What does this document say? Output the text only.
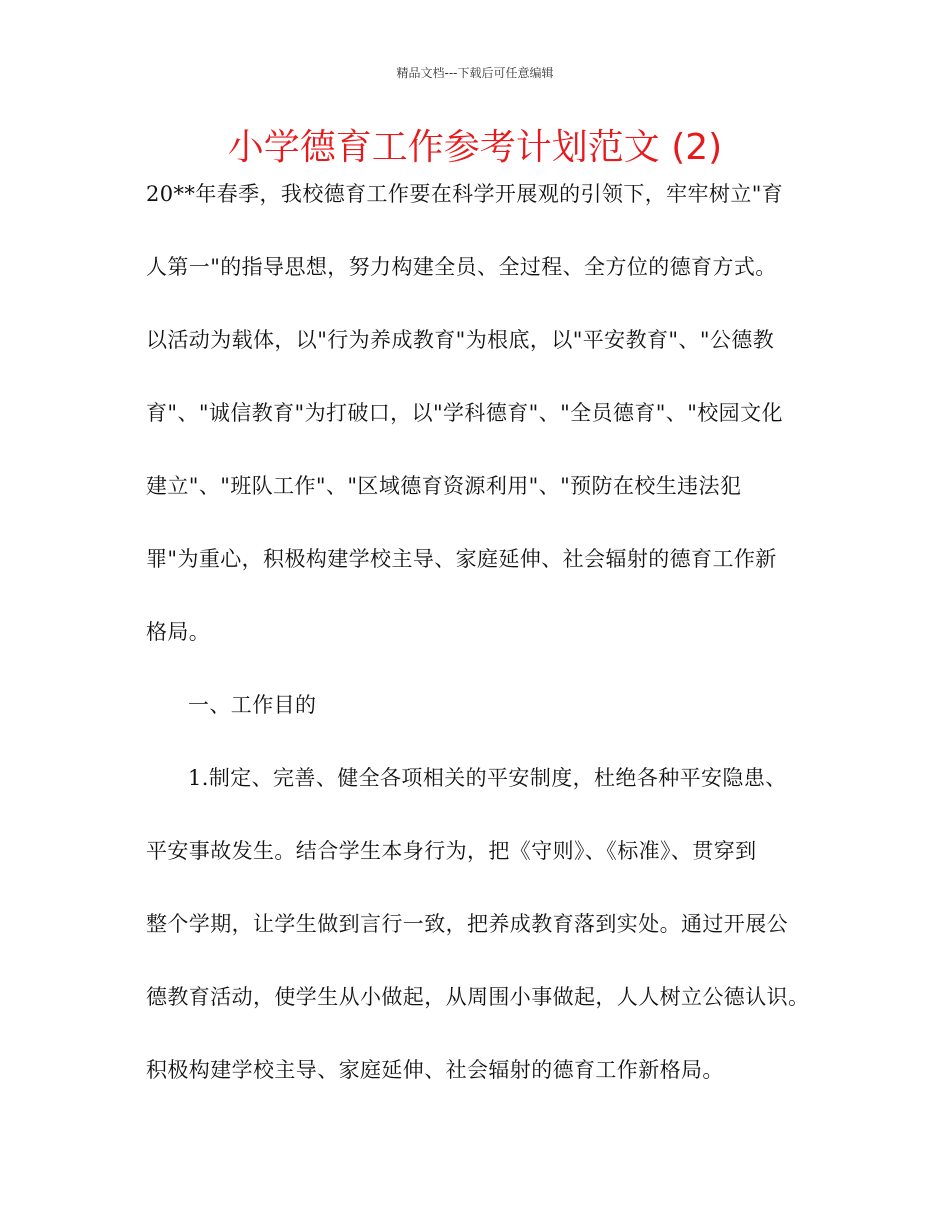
精品文档---下载后可任意编辑
小学德育工作参考计划范文 (2)
20**年春季，我校德育工作要在科学开展观的引领下，牢牢树立"育
人第一"的指导思想，努力构建全员、全过程、全方位的德育方式。
以活动为载体，以"行为养成教育"为根底，以"平安教育"、"公德教
育"、"诚信教育"为打破口，以"学科德育"、"全员德育"、"校园文化
建立"、"班队工作"、"区域德育资源利用"、"预防在校生违法犯
罪"为重心，积极构建学校主导、家庭延伸、社会辐射的德育工作新
格局。
一、工作目的
1.制定、完善、健全各项相关的平安制度，杜绝各种平安隐患、
平安事故发生。结合学生本身行为，把《守则》、《标准》、贯穿到
整个学期，让学生做到言行一致，把养成教育落到实处。通过开展公
德教育活动，使学生从小做起，从周围小事做起，人人树立公德认识。
积极构建学校主导、家庭延伸、社会辐射的德育工作新格局。
